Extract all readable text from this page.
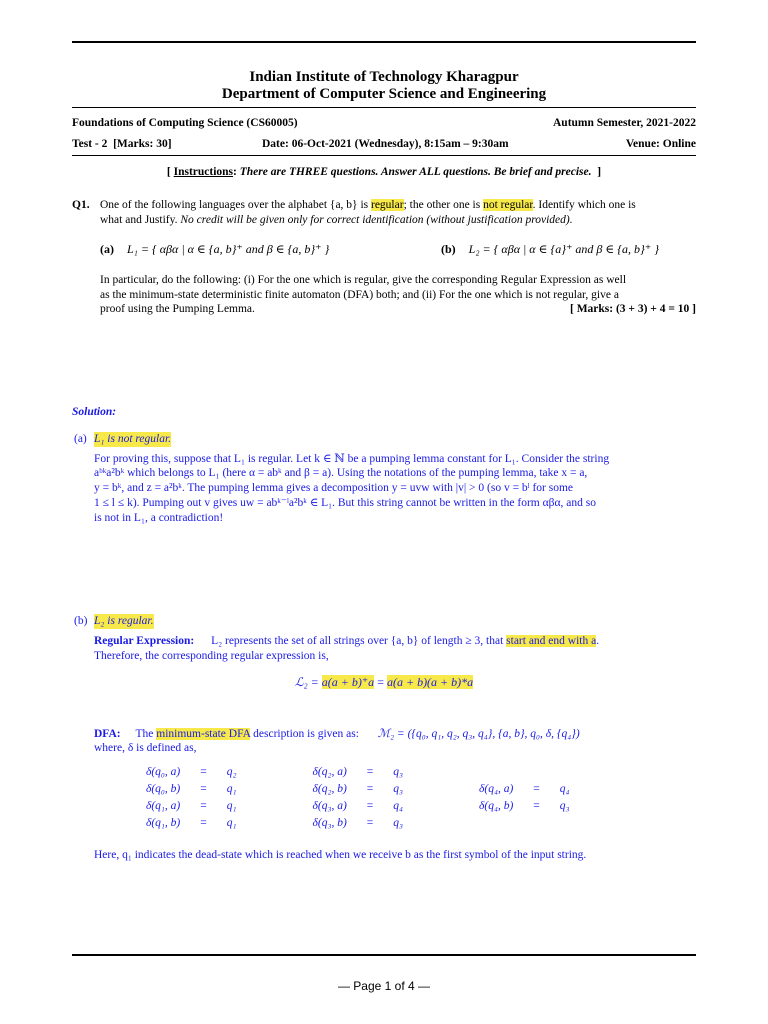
Indian Institute of Technology Kharagpur
Department of Computer Science and Engineering
Foundations of Computing Science (CS60005)	Autumn Semester, 2021-2022
Test - 2  [Marks: 30]	Date: 06-Oct-2021 (Wednesday), 8:15am – 9:30am	Venue: Online
[ Instructions: There are THREE questions. Answer ALL questions. Be brief and precise.  ]
Q1. One of the following languages over the alphabet {a, b} is regular; the other one is not regular. Identify which one is
what and Justify. No credit will be given only for correct identification (without justification provided).
(a) L₁ = { αβα | α ∈ {a, b}⁺ and β ∈ {a, b}⁺ }	(b) L₂ = { αβα | α ∈ {a}⁺ and β ∈ {a, b}⁺ }
In particular, do the following: (i) For the one which is regular, give the corresponding Regular Expression as well
as the minimum-state deterministic finite automaton (DFA) both; and (ii) For the one which is not regular, give a
proof using the Pumping Lemma.	[ Marks: (3 + 3) + 4 = 10 ]
Solution:
(a) L₁ is not regular.
For proving this, suppose that L₁ is regular. Let k ∈ ℕ be a pumping lemma constant for L₁. Consider the string
aᵇᵏa²bᵏ which belongs to L₁ (here α = abᵏ and β = a). Using the notations of the pumping lemma, take x = a,
y = bᵏ, and z = a²bᵏ. The pumping lemma gives a decomposition y = uvw with |v| > 0 (so v = bˡ for some
1 ≤ l ≤ k). Pumping out v gives uw = abᵏ⁻ˡa²bᵏ ∈ L₁. But this string cannot be written in the form αβα, and so
is not in L₁, a contradiction!
(b) L₂ is regular.
Regular Expression: L₂ represents the set of all strings over {a, b} of length ≥ 3, that start and end with a.
Therefore, the corresponding regular expression is,
ℒ₂ = a(a + b)⁺a = a(a + b)(a + b)*a
DFA: The minimum-state DFA description is given as: ℳ₂ = ({q₀, q₁, q₂, q₃, q₄}, {a, b}, q₀, δ, {q₄})
where, δ is defined as,
δ(q₀, a)	=	q₂	δ(q₂, a)	=	q₃			
δ(q₀, b)	=	q₁	δ(q₂, b)	=	q₃	δ(q₄, a)	=	q₄
δ(q₁, a)	=	q₁	δ(q₃, a)	=	q₄	δ(q₄, b)	=	q₃
δ(q₁, b)	=	q₁	δ(q₃, b)	=	q₃			
Here, q₁ indicates the dead-state which is reached when we receive b as the first symbol of the input string.
— Page 1 of 4 —
